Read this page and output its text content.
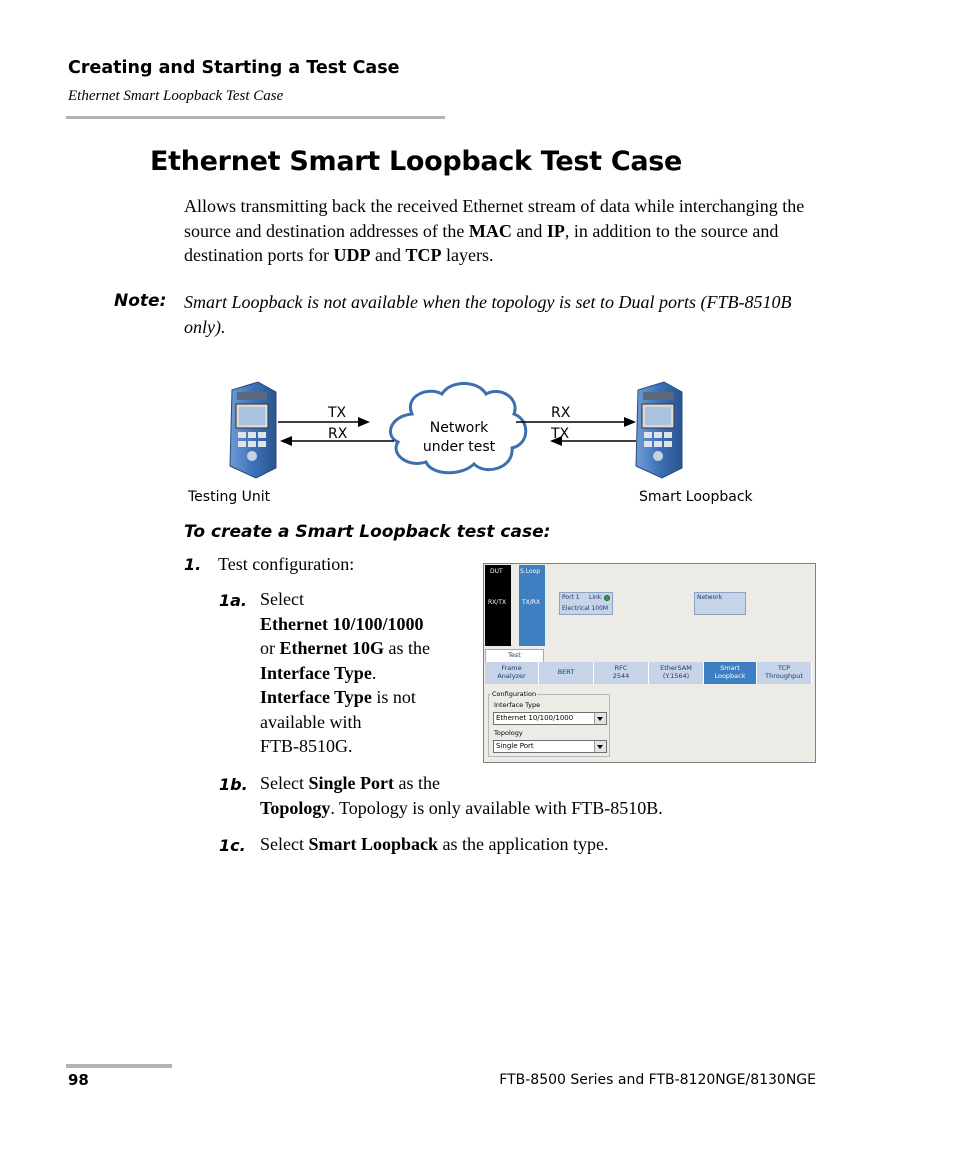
Creating and Starting a Test Case
Ethernet Smart Loopback Test Case
Ethernet Smart Loopback Test Case
Allows transmitting back the received Ethernet stream of data while interchanging the source and destination addresses of the MAC and IP, in addition to the source and destination ports for UDP and TCP layers.
Note: Smart Loopback is not available when the topology is set to Dual ports (FTB-8510B only).
Network
under test
TX
RX
RX
TX
Testing Unit	Smart Loopback
To create a Smart Loopback test case:
1. Test configuration:
1a. Select
Ethernet 10/100/1000
or Ethernet 10G as the
Interface Type.
Interface Type is not
available with
FTB-8510G.
1b. Select Single Port as the
Topology. Topology is only available with FTB-8510B.
1c. Select Smart Loopback as the application type.
DUT
RX/TX
S.Loop
TX/RX
Port 1 Link
Electrical 100M
Network
Test
Frame
Analyzer	BERT	RFC
2544
EtherSAM
(Y.1564)
Smart
Loopback
TCP
Throughput
Configuration
Interface Type
Ethernet 10/100/1000
Topology
Single Port
98	FTB-8500 Series and FTB-8120NGE/8130NGE
